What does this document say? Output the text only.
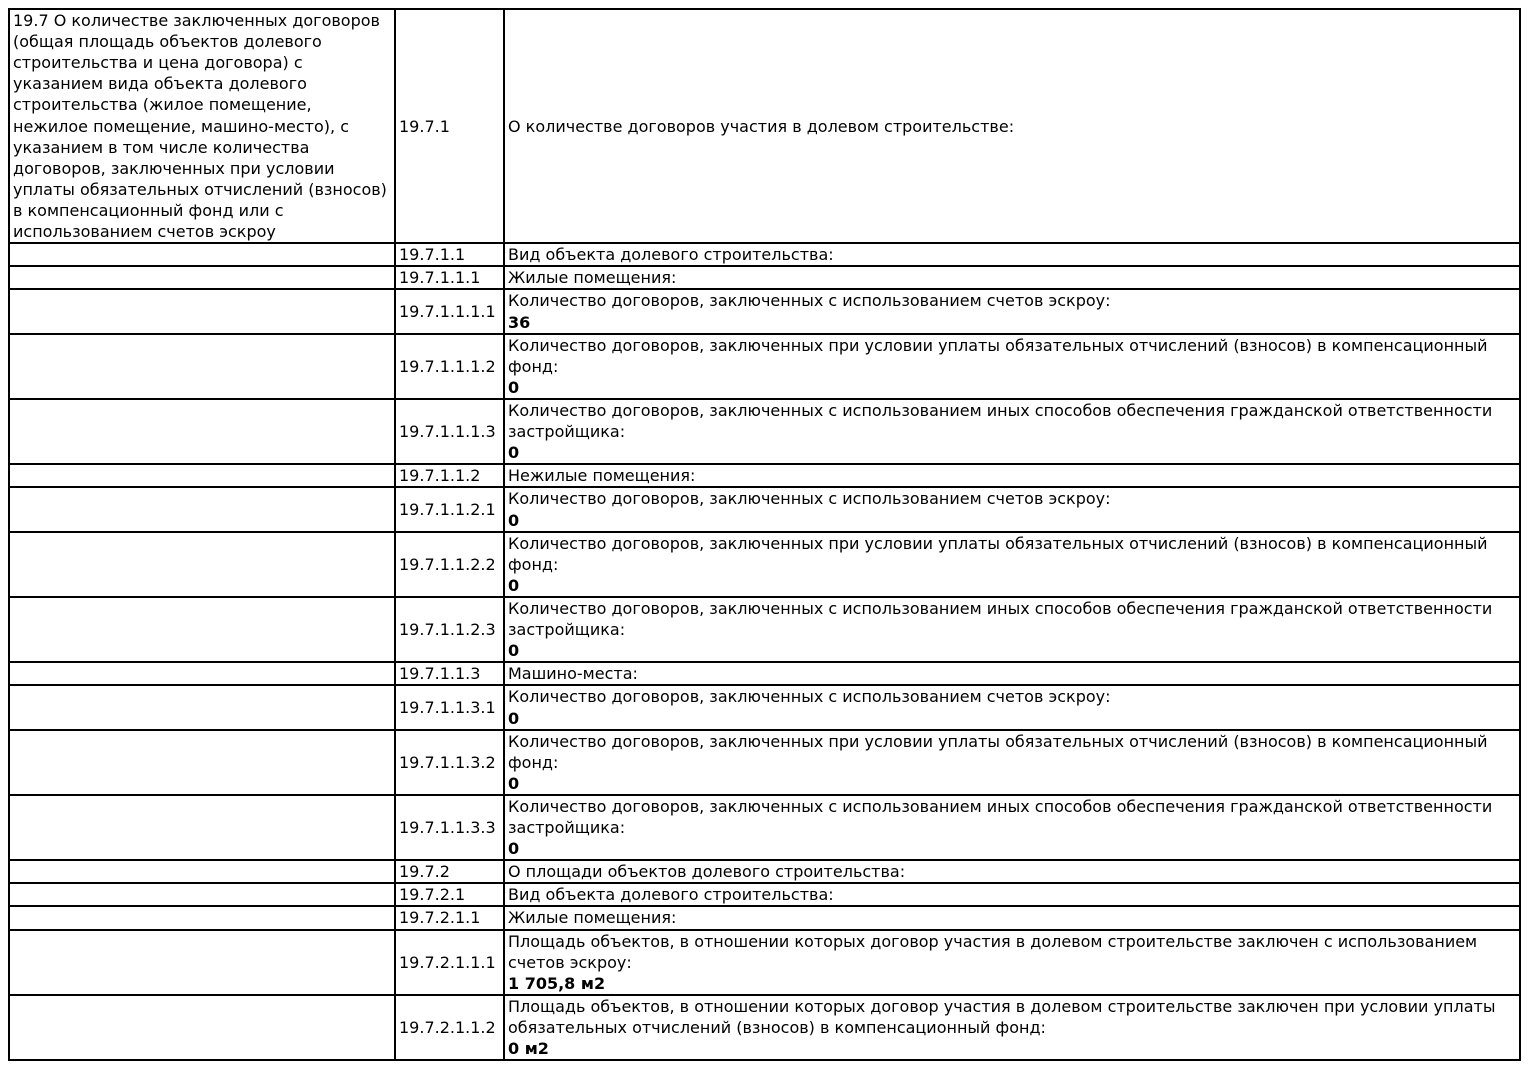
19.7 О количестве заключенных договоров (общая площадь объектов долевого строительства и цена договора) с указанием вида объекта долевого строительства (жилое помещение, нежилое помещение, машино-место), с указанием в том числе количества договоров, заключенных при условии уплаты обязательных отчислений (взносов) в компенсационный фонд или с использованием счетов эскроу	19.7.1	О количестве договоров участия в долевом строительстве:

	19.7.1.1	Вид объекта долевого строительства:

	19.7.1.1.1	Жилые помещения:

	19.7.1.1.1.1	Количество договоров, заключенных с использованием счетов эскроу:
36

	19.7.1.1.1.2	Количество договоров, заключенных при условии уплаты обязательных отчислений (взносов) в компенсационный фонд:
0

	19.7.1.1.1.3	Количество договоров, заключенных с использованием иных способов обеспечения гражданской ответственности застройщика:
0

	19.7.1.1.2	Нежилые помещения:

	19.7.1.1.2.1	Количество договоров, заключенных с использованием счетов эскроу:
0

	19.7.1.1.2.2	Количество договоров, заключенных при условии уплаты обязательных отчислений (взносов) в компенсационный фонд:
0

	19.7.1.1.2.3	Количество договоров, заключенных с использованием иных способов обеспечения гражданской ответственности застройщика:
0

	19.7.1.1.3	Машино-места:

	19.7.1.1.3.1	Количество договоров, заключенных с использованием счетов эскроу:
0

	19.7.1.1.3.2	Количество договоров, заключенных при условии уплаты обязательных отчислений (взносов) в компенсационный фонд:
0

	19.7.1.1.3.3	Количество договоров, заключенных с использованием иных способов обеспечения гражданской ответственности застройщика:
0

	19.7.2	О площади объектов долевого строительства:

	19.7.2.1	Вид объекта долевого строительства:

	19.7.2.1.1	Жилые помещения:

	19.7.2.1.1.1	Площадь объектов, в отношении которых договор участия в долевом строительстве заключен с использованием счетов эскроу:
1 705,8 м2

	19.7.2.1.1.2	Площадь объектов, в отношении которых договор участия в долевом строительстве заключен при условии уплаты обязательных отчислений (взносов) в компенсационный фонд:
0 м2
